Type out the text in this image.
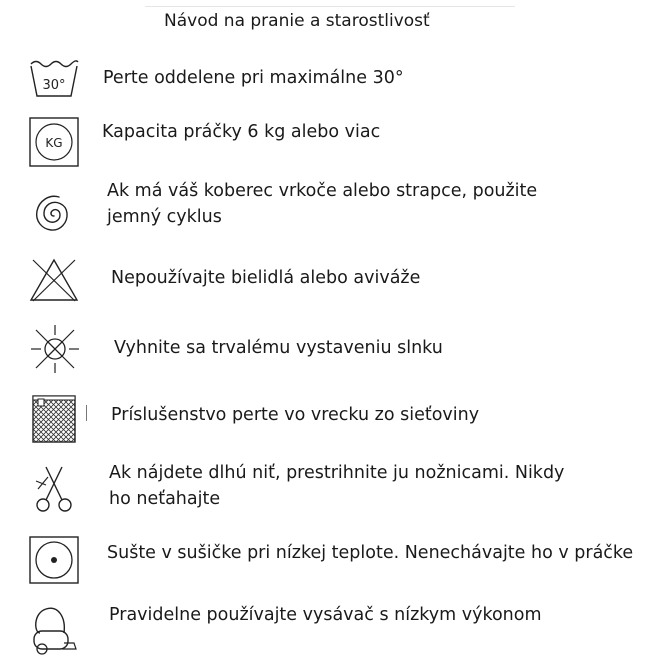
Návod na pranie a starostlivosť
30° Perte oddelene pri maximálne 30°
KG
Kapacita práčky 6 kg alebo viac
Ak má váš koberec vrkoče alebo strapce, použite
jemný cyklus
Nepoužívajte bielidlá alebo aviváže
Vyhnite sa trvalému vystaveniu slnku
Príslušenstvo perte vo vrecku zo sieťoviny
Ak nájdete dlhú niť, prestrihnite ju nožnicami. Nikdy
ho neťahajte
Sušte v sušičke pri nízkej teplote. Nenechávajte ho v práčke
Pravidelne používajte vysávač s nízkym výkonom
